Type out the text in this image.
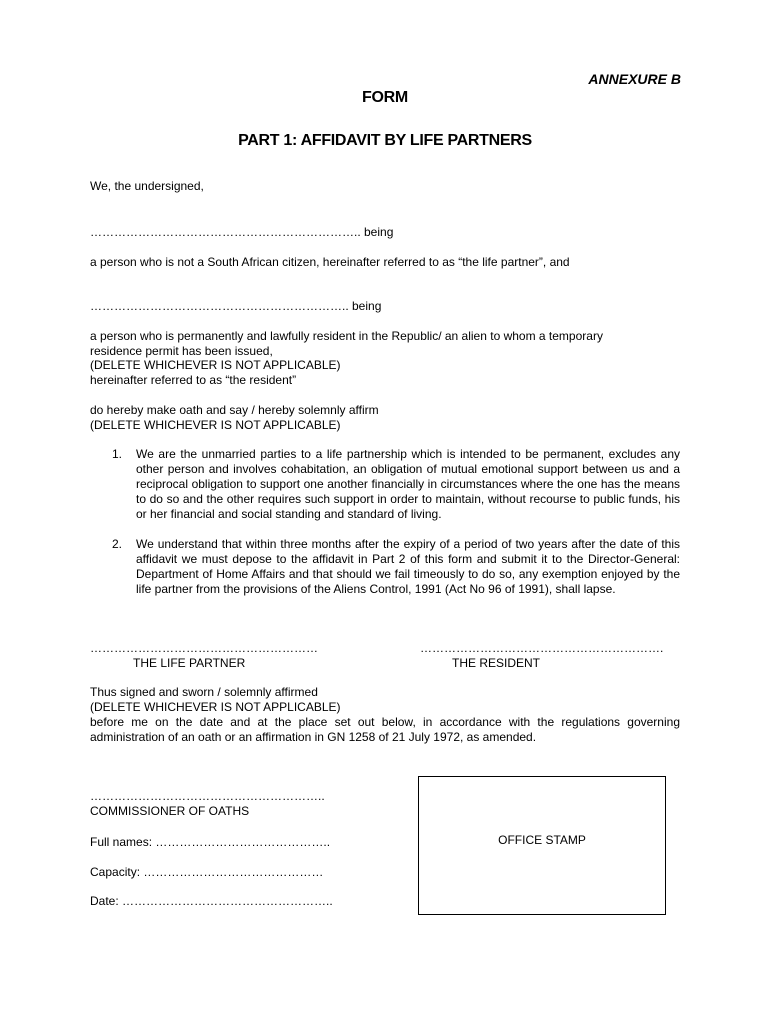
ANNEXURE B
FORM
PART 1: AFFIDAVIT BY LIFE PARTNERS
We, the undersigned,
………………………………………………………….. being
a person who is not a South African citizen, hereinafter referred to as “the life partner”, and
……………………………………………………….. being
a person who is permanently and lawfully resident in the Republic/ an alien to whom a temporary
residence permit has been issued,
(DELETE WHICHEVER IS NOT APPLICABLE)
hereinafter referred to as “the resident”
do hereby make oath and say / hereby solemnly affirm
(DELETE WHICHEVER IS NOT APPLICABLE)
1. We are the unmarried parties to a life partnership which is intended to be permanent, excludes any other person and involves cohabitation, an obligation of mutual emotional support between us and a reciprocal obligation to support one another financially in circumstances where the one has the means to do so and the other requires such support in order to maintain, without recourse to public funds, his or her financial and social standing and standard of living.
2. We understand that within three months after the expiry of a period of two years after the date of this affidavit we must depose to the affidavit in Part 2 of this form and submit it to the Director-General: Department of Home Affairs and that should we fail timeously to do so, any exemption enjoyed by the life partner from the provisions of the Aliens Control, 1991 (Act No 96 of 1991), shall lapse.
…………………………………………………
THE LIFE PARTNER
…………………………………………………….
THE RESIDENT
Thus signed and sworn / solemnly affirmed
(DELETE WHICHEVER IS NOT APPLICABLE)
before me on the date and at the place set out below, in accordance with the regulations governing administration of an oath or an affirmation in GN 1258 of 21 July 1972, as amended.
…………………………………………………..
COMMISSIONER OF OATHS
Full names: ……………………………………..
Capacity: ………………………………………
Date: ……………………………………………..
OFFICE STAMP
